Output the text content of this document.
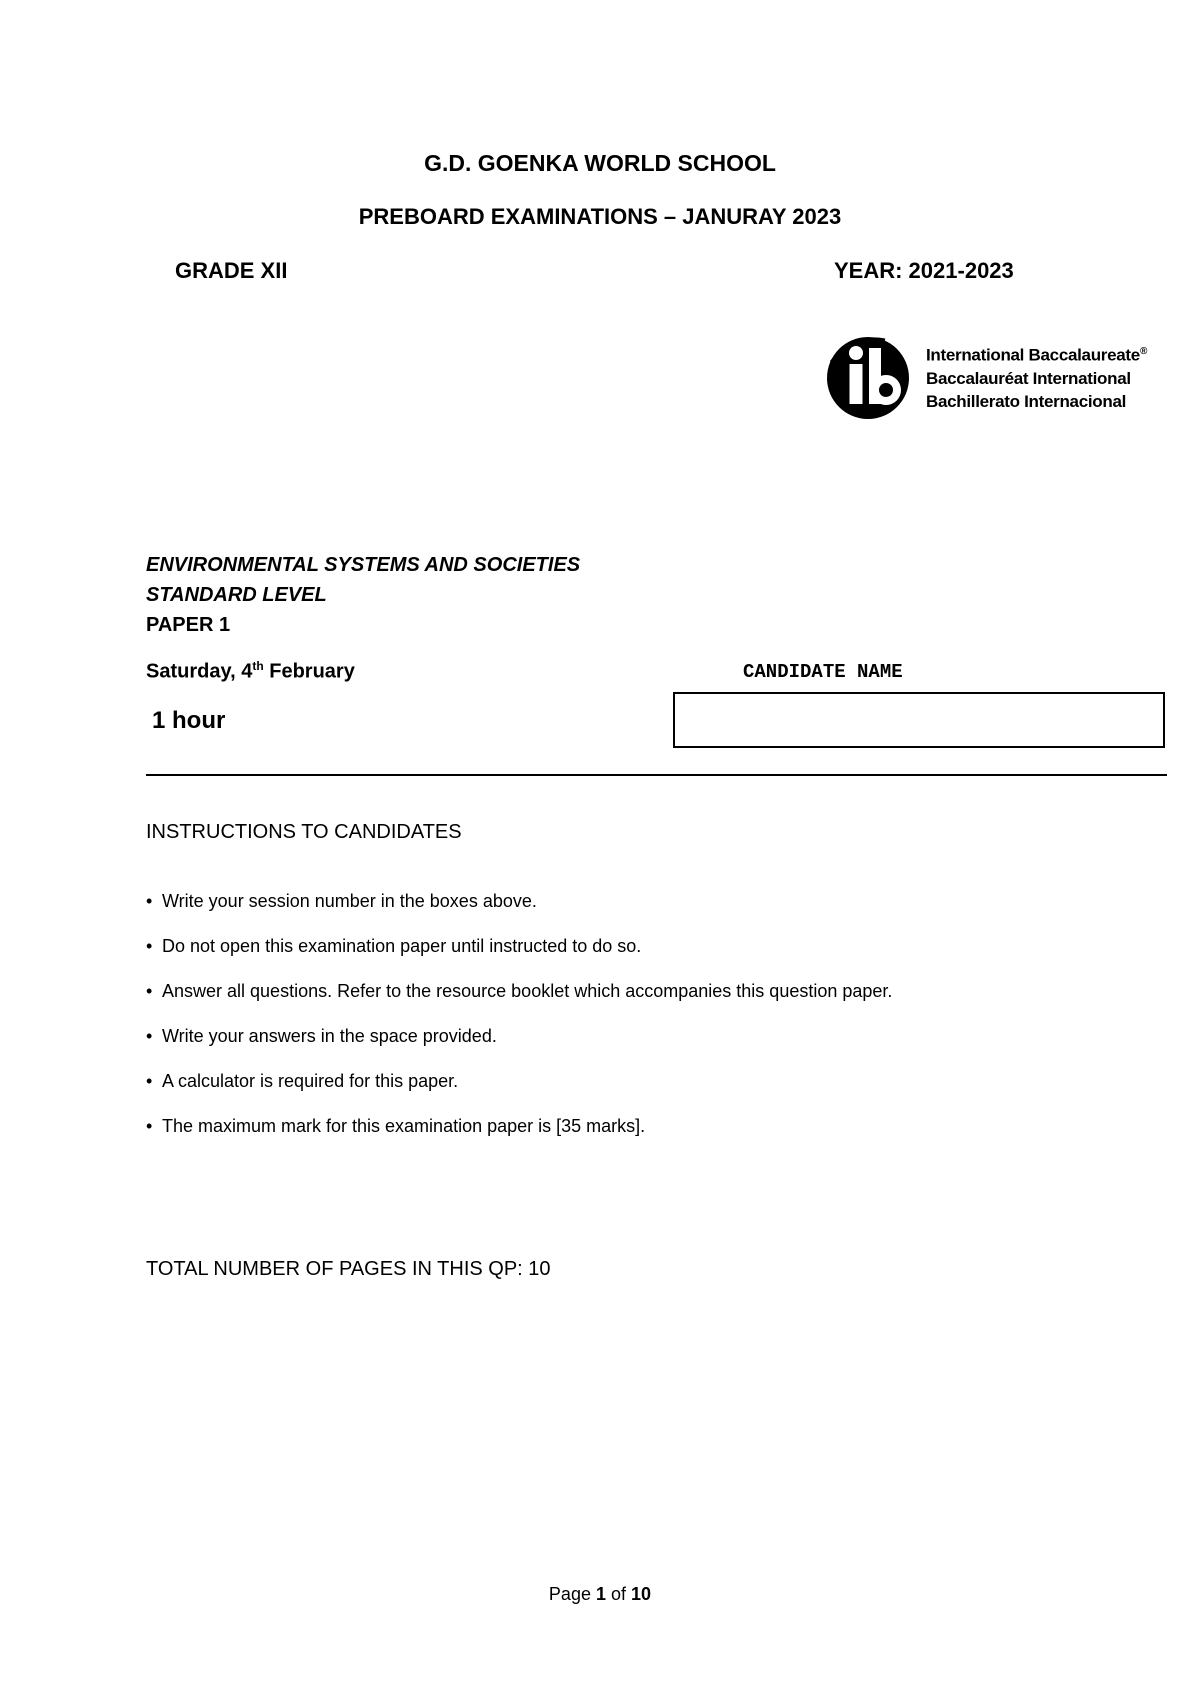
G.D. GOENKA WORLD SCHOOL
PREBOARD EXAMINATIONS – JANURAY 2023
GRADE XII	YEAR: 2021-2023
International Baccalaureate®
Baccalauréat International
Bachillerato Internacional
ENVIRONMENTAL SYSTEMS AND SOCIETIES
STANDARD LEVEL
PAPER 1
Saturday, 4th February	CANDIDATE NAME
1 hour
INSTRUCTIONS TO CANDIDATES
• Write your session number in the boxes above.
• Do not open this examination paper until instructed to do so.
• Answer all questions. Refer to the resource booklet which accompanies this question paper.
• Write your answers in the space provided.
• A calculator is required for this paper.
• The maximum mark for this examination paper is [35 marks].
TOTAL NUMBER OF PAGES IN THIS QP: 10
Page 1 of 10
